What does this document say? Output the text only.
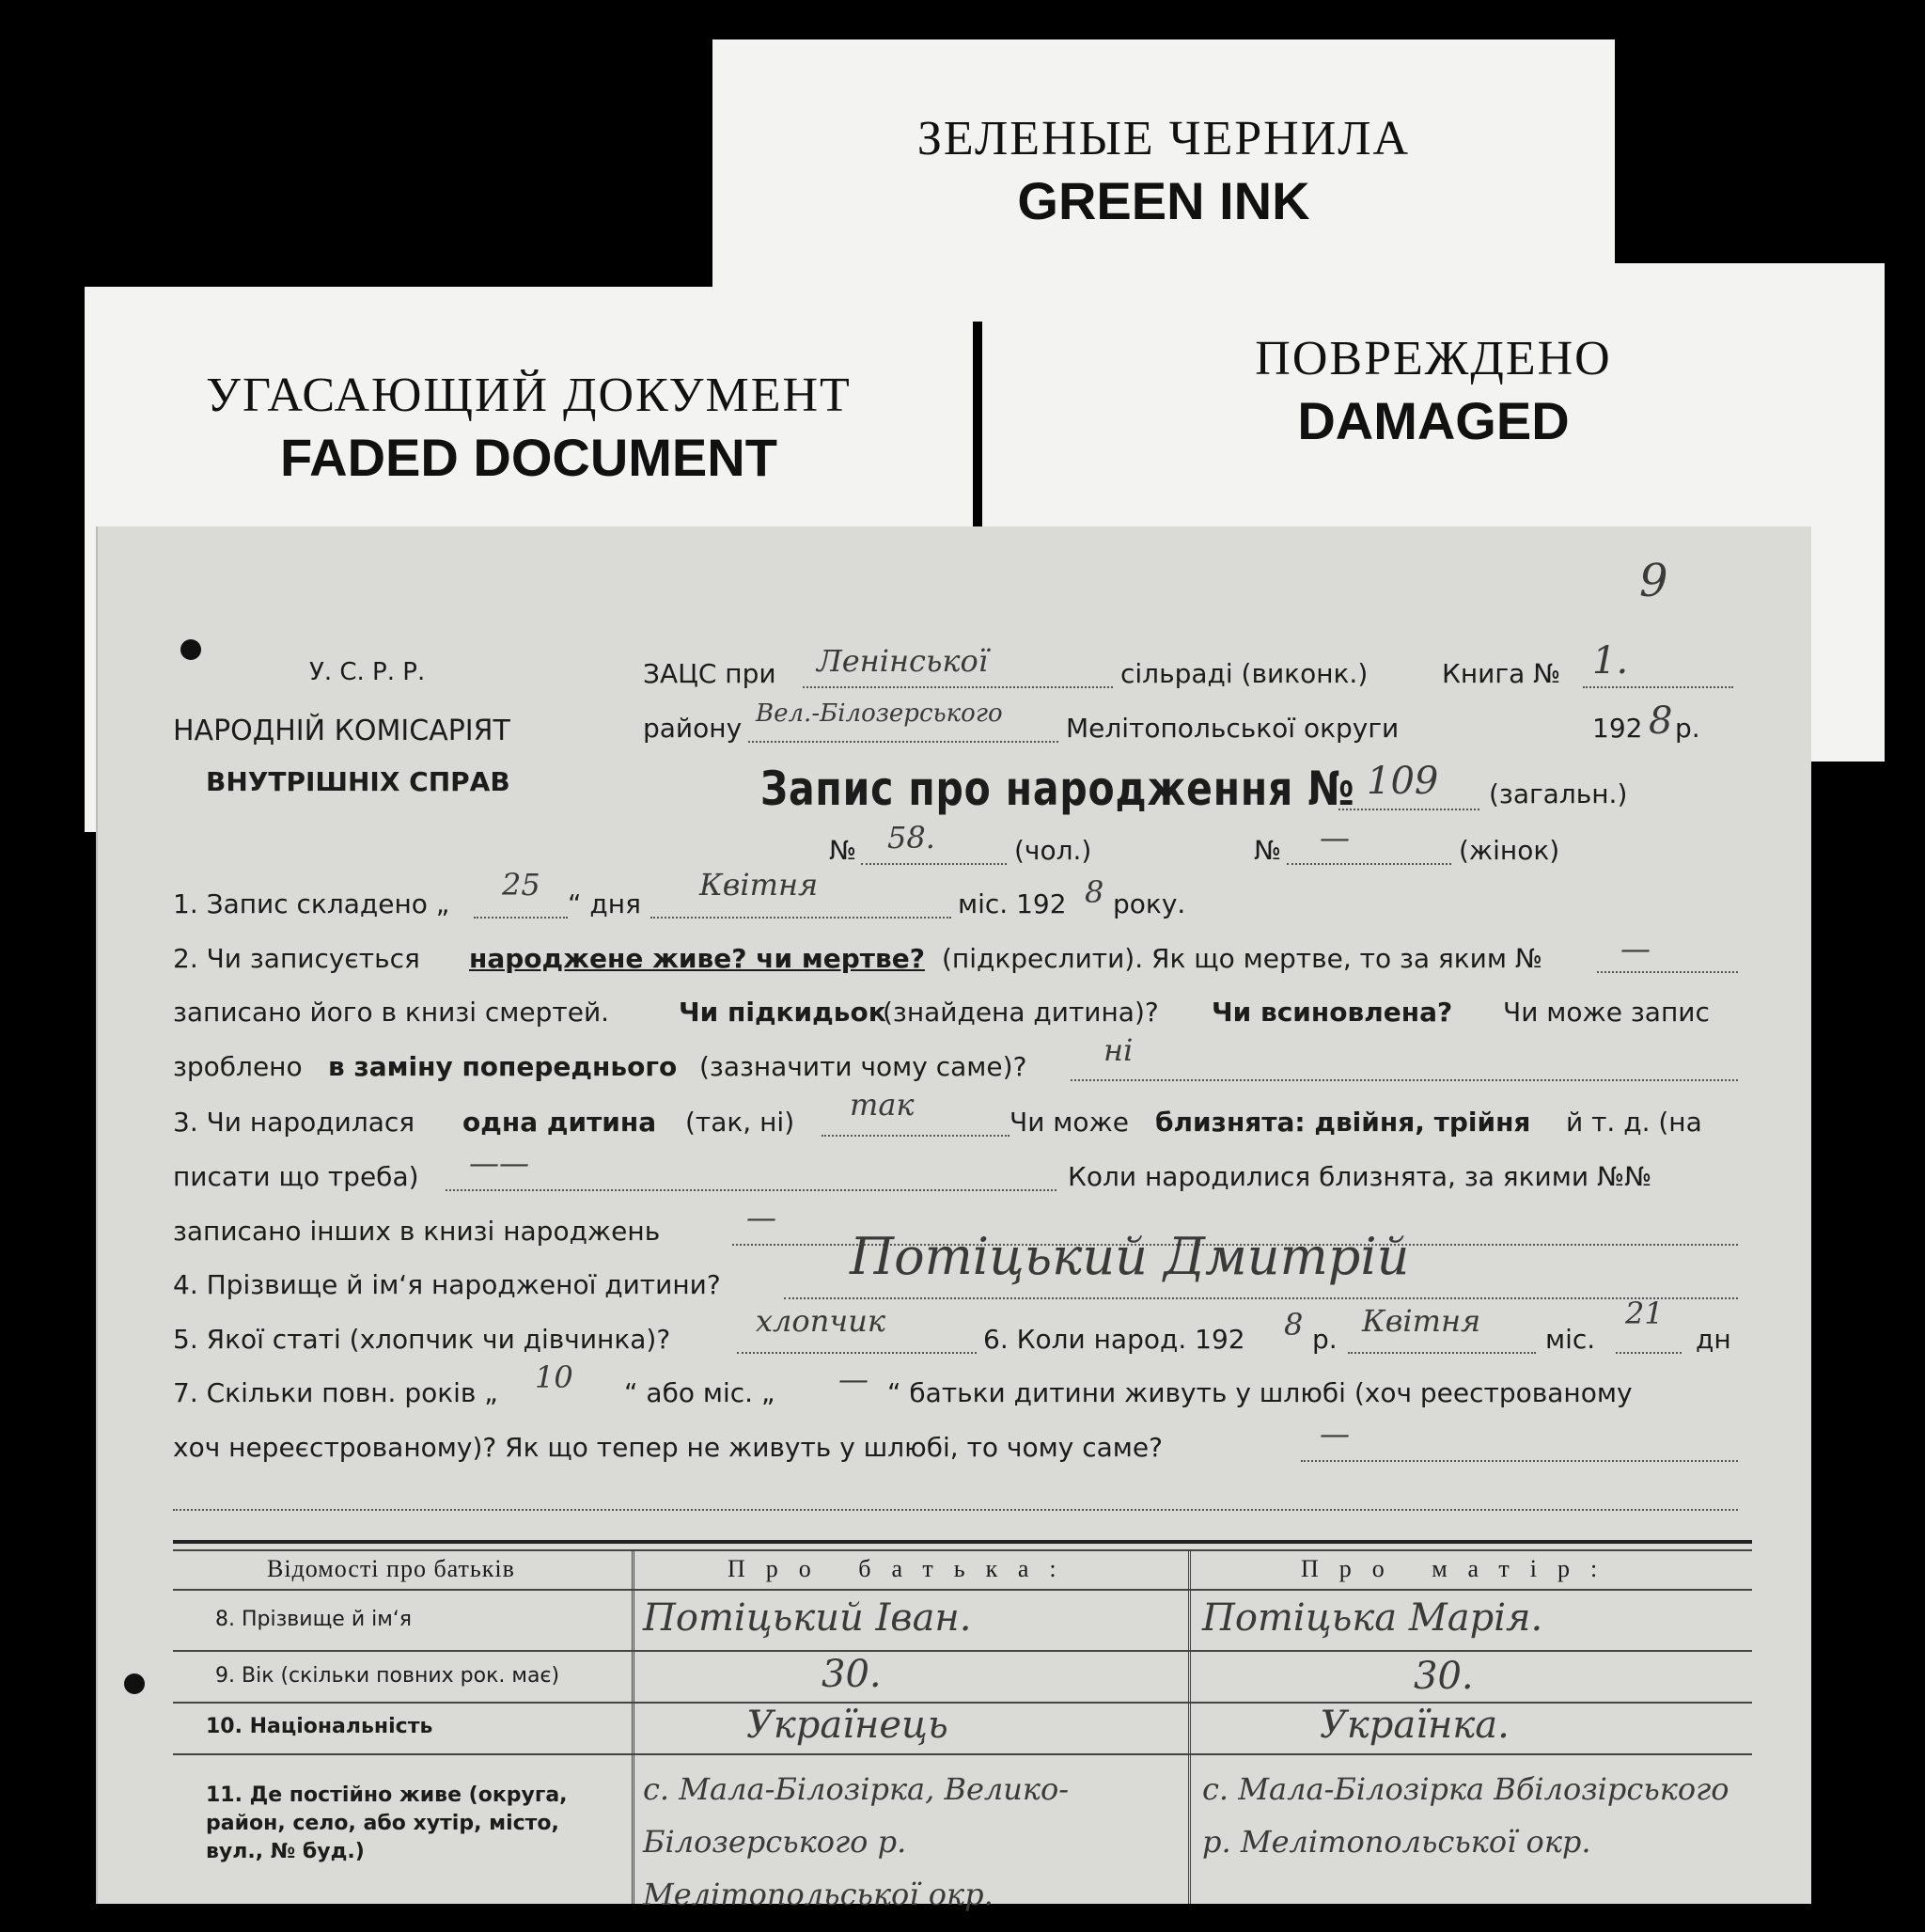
ЗЕЛЕНЫЕ ЧЕРНИЛА
GREEN INK
УГАСАЮЩИЙ ДОКУМЕНТ
FADED DOCUMENT
ПОВРЕЖДЕНО
DAMAGED
9
У. С. Р. Р.
НАРОДНІЙ КОМІСАРІЯТ
ВНУТРІШНІХ СПРАВ
ЗАЦС при Ленінської	сільраді (виконк.)	Книга № 1.
району Вел.-Білозерського Мелітопольської округи	192 8 р.
Запис про народження № 109 (загальн.)
№ 58.	(чол.)	№ —	(жінок)
1. Запис складено „
25
“ дня
Квітня
міс. 192 8 року.
2. Чи записується народжене живе? чи мертве? (підкреслити). Як що мертве, то за яким №	—
записано його в книзі смертей.	Чи підкидьок
(знайдена дитина)? Чи всиновлена? Чи може запис
зроблено в заміну попереднього (зазначити чому саме)?	ні
3. Чи народилася одна дитина (так, ні) так	Чи може близнята: двійня, трійня й т. д. (на
писати що треба) ——	Коли народилися близнята, за якими №№
записано інших в книзі народжень	—
4. Прізвище й ім‘я народженої дитини?	Потіцький Дмитрій
5. Якої статі (хлопчик чи дівчинка)?
хлопчик
6. Коли народ. 192 8 р.
Квітня
міс.
21
дн
7. Скільки повн. років „ 10 “ або міс. „ — “ батьки дитини живуть у шлюбі (хоч реестрованому
хоч нереєстрованому)? Як що тепер не живуть у шлюбі, то чому саме?	—
Відомості про батьків	Про батька:	Про матір:
8. Прізвище й ім‘я	Потіцький Іван.	Потіцька Марія.
9. Вік (скільки повних рок. має)	30.	30.
10. Національність	Українець	Українка.
11. Де постійно живе (округа, район, село, або хутір, місто, вул., № буд.)
с. Мала-Білозірка, Велико-Білозерського р. Мелітопольської окр.
с. Мала-Білозірка Вбілозірського р. Мелітопольської окр.
